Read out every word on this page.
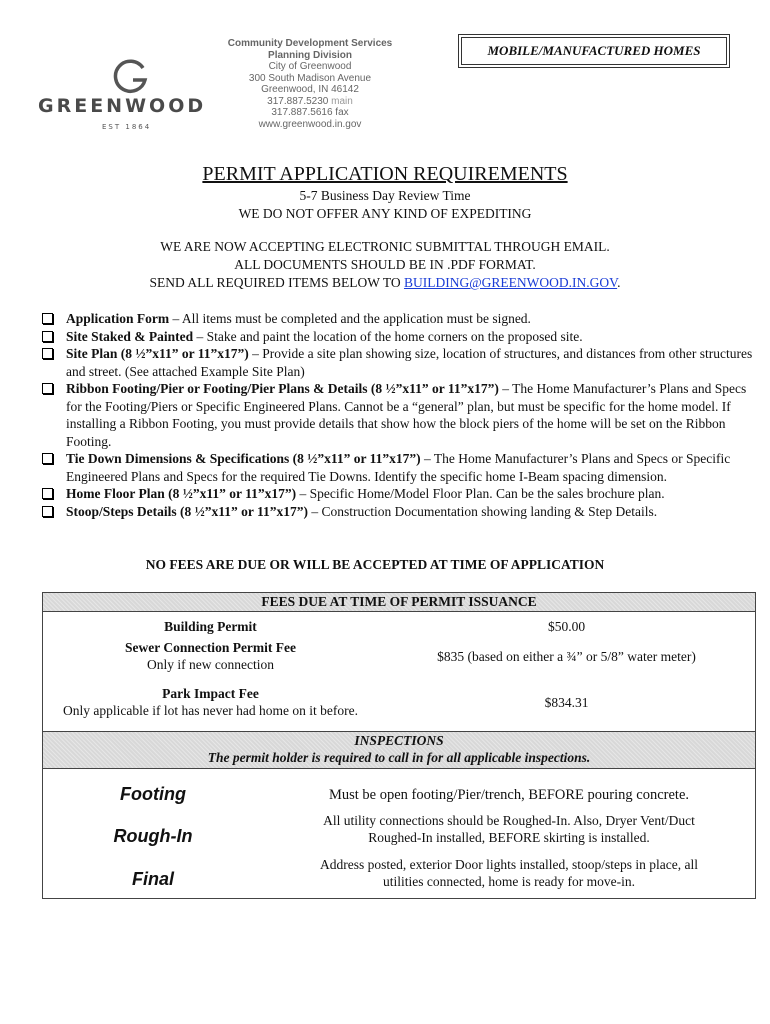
GREENWOOD
EST 1864
Community Development Services
Planning Division
City of Greenwood
300 South Madison Avenue
Greenwood, IN 46142
317.887.5230 main
317.887.5616 fax
www.greenwood.in.gov
MOBILE/MANUFACTURED HOMES
PERMIT APPLICATION REQUIREMENTS
5-7 Business Day Review Time
WE DO NOT OFFER ANY KIND OF EXPEDITING
WE ARE NOW ACCEPTING ELECTRONIC SUBMITTAL THROUGH EMAIL.
ALL DOCUMENTS SHOULD BE IN .PDF FORMAT.
SEND ALL REQUIRED ITEMS BELOW TO BUILDING@GREENWOOD.IN.GOV.
Application Form – All items must be completed and the application must be signed.
Site Staked & Painted – Stake and paint the location of the home corners on the proposed site.
Site Plan (8 ½”x11” or 11”x17”) – Provide a site plan showing size, location of structures, and distances from other structures and street. (See attached Example Site Plan)
Ribbon Footing/Pier or Footing/Pier Plans & Details (8 ½”x11” or 11”x17”) – The Home Manufacturer’s Plans and Specs for the Footing/Piers or Specific Engineered Plans. Cannot be a “general” plan, but must be specific for the home model. If installing a Ribbon Footing, you must provide details that show how the block piers of the home will be set on the Ribbon Footing.
Tie Down Dimensions & Specifications (8 ½”x11” or 11”x17”) – The Home Manufacturer’s Plans and Specs or Specific Engineered Plans and Specs for the required Tie Downs. Identify the specific home I-Beam spacing dimension.
Home Floor Plan (8 ½”x11” or 11”x17”) – Specific Home/Model Floor Plan. Can be the sales brochure plan.
Stoop/Steps Details (8 ½”x11” or 11”x17”) – Construction Documentation showing landing & Step Details.
NO FEES ARE DUE OR WILL BE ACCEPTED AT TIME OF APPLICATION
FEES DUE AT TIME OF PERMIT ISSUANCE
Building Permit	$50.00
Sewer Connection Permit Fee
Only if new connection
$835 (based on either a ¾” or 5/8” water meter)
Park Impact Fee
Only applicable if lot has never had home on it before.
$834.31
INSPECTIONS
The permit holder is required to call in for all applicable inspections.
Footing	Must be open footing/Pier/trench, BEFORE pouring concrete.
Rough-In
All utility connections should be Roughed-In. Also, Dryer Vent/Duct
Roughed-In installed, BEFORE skirting is installed.
Final
Address posted, exterior Door lights installed, stoop/steps in place, all
utilities connected, home is ready for move-in.
